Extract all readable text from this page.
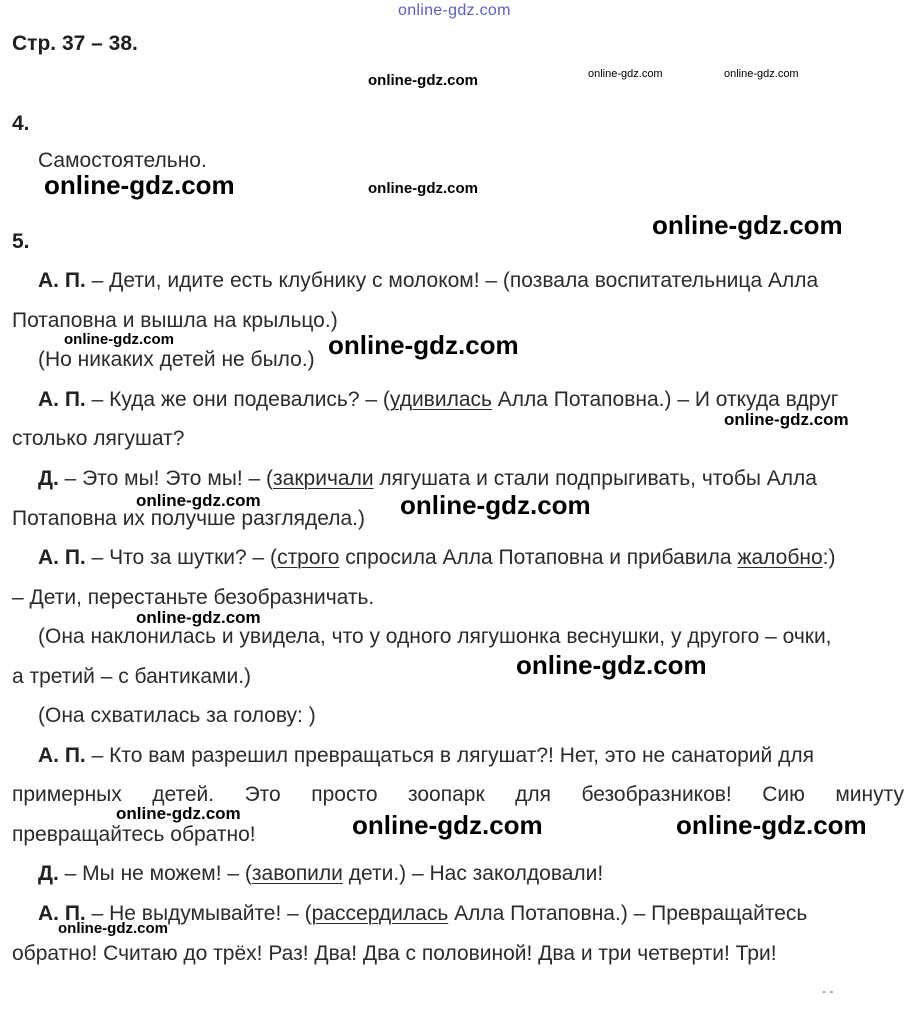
online-gdz.com
Стр. 37 – 38.
4.
Самостоятельно.
5.
А. П. – Дети, идите есть клубнику с молоком! – (позвала воспитательница Алла
Потаповна и вышла на крыльцо.)
(Но никаких детей не было.)
А. П. – Куда же они подевались? – (удивилась Алла Потаповна.) – И откуда вдруг
столько лягушат?
Д. – Это мы! Это мы! – (закричали лягушата и стали подпрыгивать, чтобы Алла
Потаповна их получше разглядела.)
А. П. – Что за шутки? – (строго спросила Алла Потаповна и прибавила жалобно:)
– Дети, перестаньте безобразничать.
(Она наклонилась и увидела, что у одного лягушонка веснушки, у другого – очки,
а третий – с бантиками.)
(Она схватилась за голову: )
А. П. – Кто вам разрешил превращаться в лягушат?! Нет, это не санаторий для
примерных детей. Это просто зоопарк для безобразников! Сию минуту
превращайтесь обратно!
Д. – Мы не можем! – (завопили дети.) – Нас заколдовали!
А. П. – Не выдумывайте! – (рассердилась Алла Потаповна.) – Превращайтесь
обратно! Считаю до трёх! Раз! Два! Два с половиной! Два и три четверти! Три!
- -
online-gdz.com	online-gdz.com	online-gdz.com
online-gdz.com	online-gdz.com
online-gdz.com
online-gdz.com	online-gdz.com
online-gdz.com
online-gdz.com	online-gdz.com
online-gdz.com
online-gdz.com
online-gdz.com	online-gdz.com	online-gdz.com
online-gdz.com
